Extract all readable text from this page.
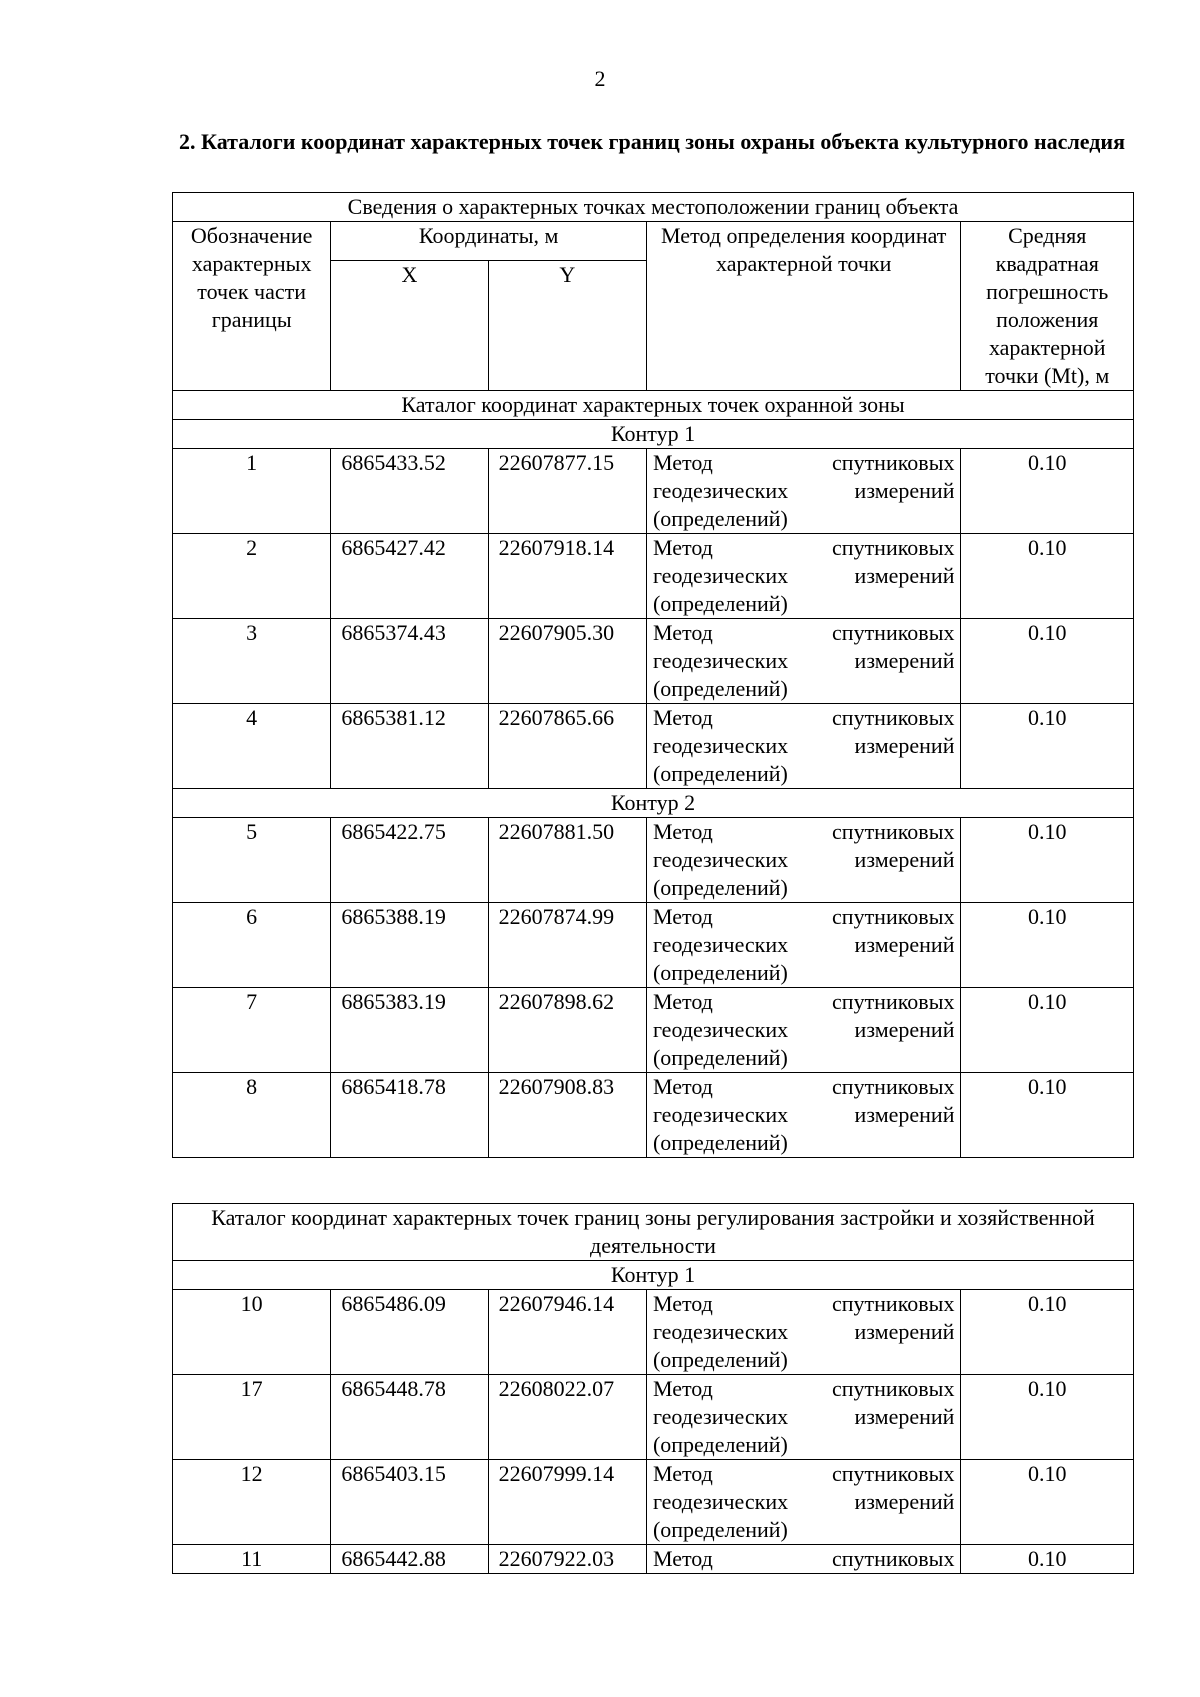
2
2. Каталоги координат характерных точек границ зоны охраны объекта культурного наследия
Сведения о характерных точках местоположении границ объекта				
Обозначение характерных точек части границы	Координаты, м		Метод определения координат характерной точки	Средняя квадратная погрешность положения характерной точки (Mt), м
	X	Y		
Каталог координат характерных точек охранной зоны				
Контур 1				
1	6865433.52	22607877.15	Метод спутниковых
геодезических измерений
(определений)	0.10
2	6865427.42	22607918.14	Метод спутниковых
геодезических измерений
(определений)	0.10
3	6865374.43	22607905.30	Метод спутниковых
геодезических измерений
(определений)	0.10
4	6865381.12	22607865.66	Метод спутниковых
геодезических измерений
(определений)	0.10
Контур 2				
5	6865422.75	22607881.50	Метод спутниковых
геодезических измерений
(определений)	0.10
6	6865388.19	22607874.99	Метод спутниковых
геодезических измерений
(определений)	0.10
7	6865383.19	22607898.62	Метод спутниковых
геодезических измерений
(определений)	0.10
8	6865418.78	22607908.83	Метод спутниковых
геодезических измерений
(определений)	0.10
Каталог координат характерных точек границ зоны регулирования застройки и хозяйственной деятельности				
Контур 1				
10	6865486.09	22607946.14	Метод спутниковых
геодезических измерений
(определений)	0.10
17	6865448.78	22608022.07	Метод спутниковых
геодезических измерений
(определений)	0.10
12	6865403.15	22607999.14	Метод спутниковых
геодезических измерений
(определений)	0.10
11	6865442.88	22607922.03	Метод спутниковых	0.10
